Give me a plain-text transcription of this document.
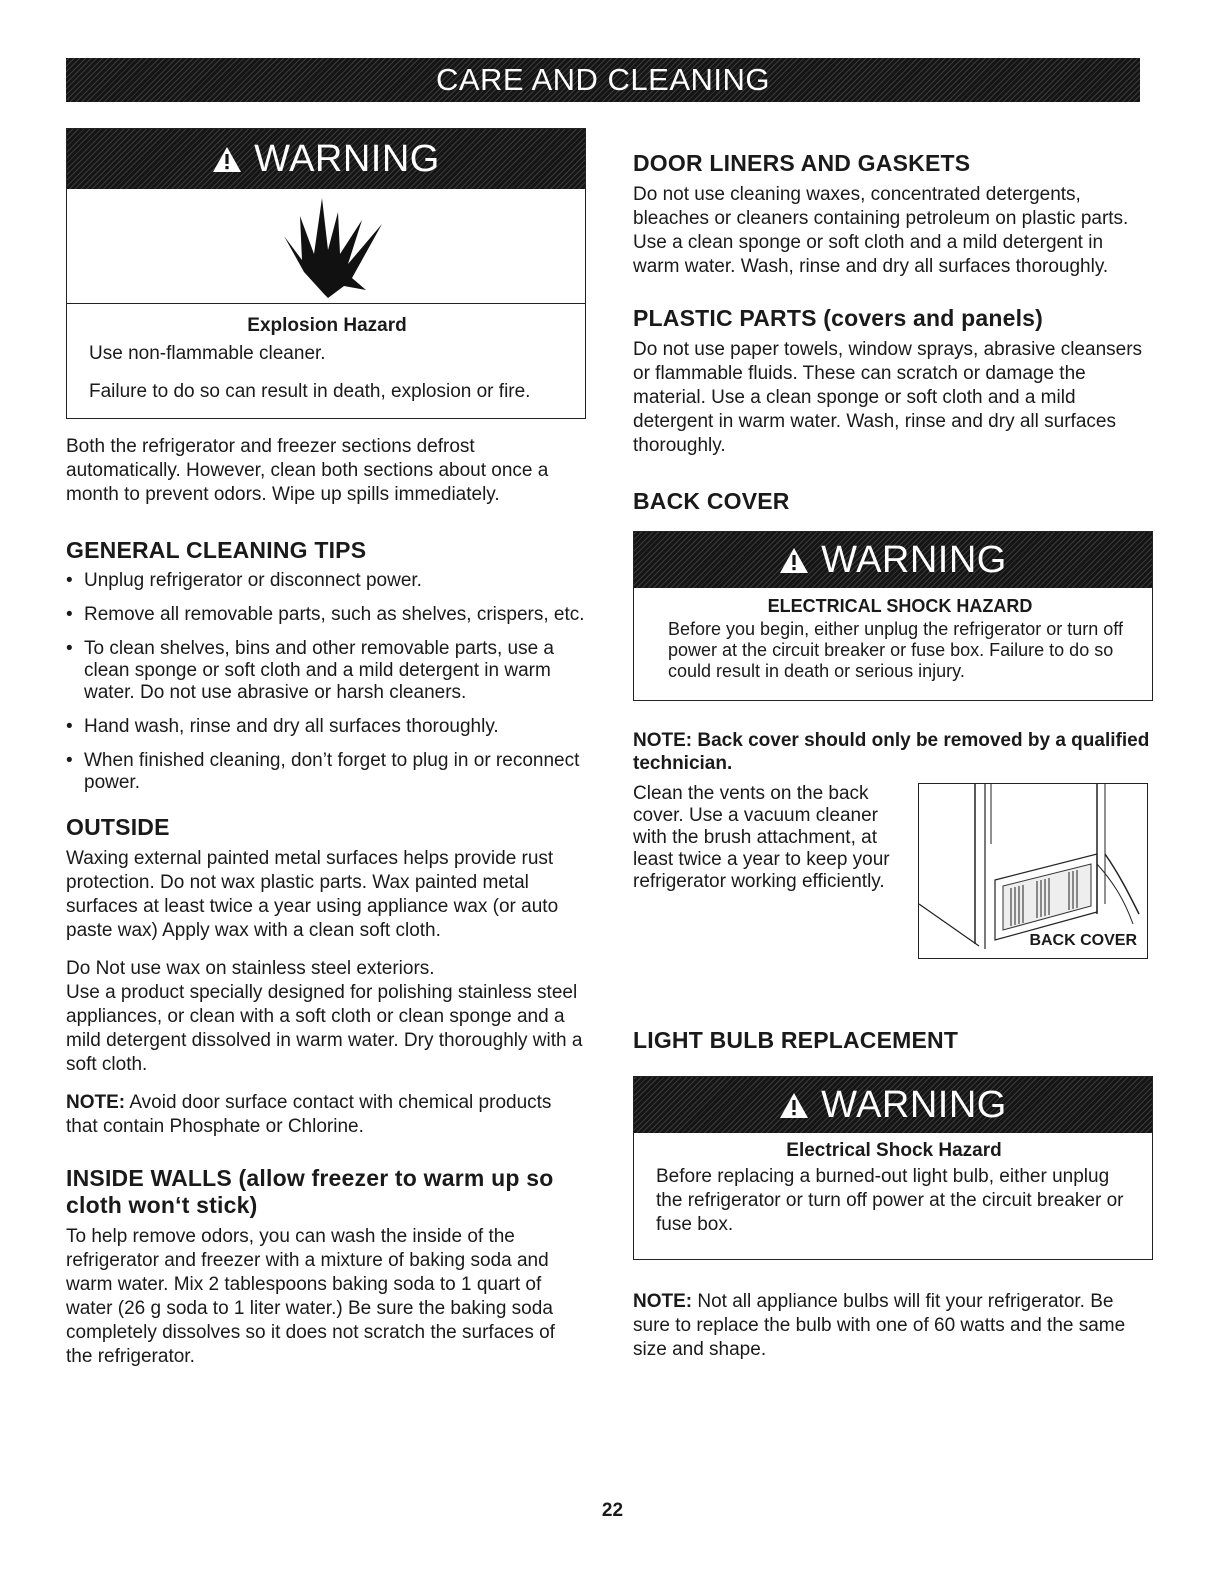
CARE AND CLEANING
WARNING
Explosion Hazard

Use non-flammable cleaner.

Failure to do so can result in death, explosion or fire.

Both the refrigerator and freezer sections defrost automatically. However, clean both sections about once a month to prevent odors. Wipe up spills immediately.

GENERAL CLEANING TIPS
• Unplug refrigerator or disconnect power.
• Remove all removable parts, such as shelves, crispers, etc.
• To clean shelves, bins and other removable parts, use a clean sponge or soft cloth and a mild detergent in warm water. Do not use abrasive or harsh cleaners.
• Hand wash, rinse and dry all surfaces thoroughly.
• When finished cleaning, don’t forget to plug in or reconnect power.
OUTSIDE

Waxing external painted metal surfaces helps provide rust protection. Do not wax plastic parts. Wax painted metal surfaces at least twice a year using appliance wax (or auto paste wax) Apply wax with a clean soft cloth.

Do Not use wax on stainless steel exteriors.

Use a product specially designed for polishing stainless steel appliances, or clean with a soft cloth or clean sponge and a mild detergent dissolved in warm water. Dry thoroughly with a soft cloth.

NOTE: Avoid door surface contact with chemical products that contain Phosphate or Chlorine.

INSIDE WALLS (allow freezer to warm up so cloth won‘t stick)

To help remove odors, you can wash the inside of the refrigerator and freezer with a mixture of baking soda and warm water. Mix 2 tablespoons baking soda to 1 quart of water (26 g soda to 1 liter water.) Be sure the baking soda completely dissolves so it does not scratch the surfaces of the refrigerator.

DOOR LINERS AND GASKETS

Do not use cleaning waxes, concentrated detergents, bleaches or cleaners containing petroleum on plastic parts. Use a clean sponge or soft cloth and a mild detergent in warm water. Wash, rinse and dry all surfaces thoroughly.

PLASTIC PARTS (covers and panels)

Do not use paper towels, window sprays, abrasive cleansers or flammable fluids. These can scratch or damage the material. Use a clean sponge or soft cloth and a mild detergent in warm water. Wash, rinse and dry all surfaces thoroughly.

BACK COVER
WARNING
ELECTRICAL SHOCK HAZARD
Before you begin, either unplug the refrigerator or turn off power at the circuit breaker or fuse box. Failure to do so could result in death or serious injury.

NOTE: Back cover should only be removed by a qualified technician.

Clean the vents on the back cover. Use a vacuum cleaner with the brush attachment, at least twice a year to keep your refrigerator working efficiently.
BACK COVER
LIGHT BULB REPLACEMENT
WARNING
Electrical Shock Hazard
Before replacing a burned-out light bulb, either unplug the refrigerator or turn off power at the circuit breaker or fuse box.

NOTE: Not all appliance bulbs will fit your refrigerator. Be sure to replace the bulb with one of 60 watts and the same size and shape.

22
